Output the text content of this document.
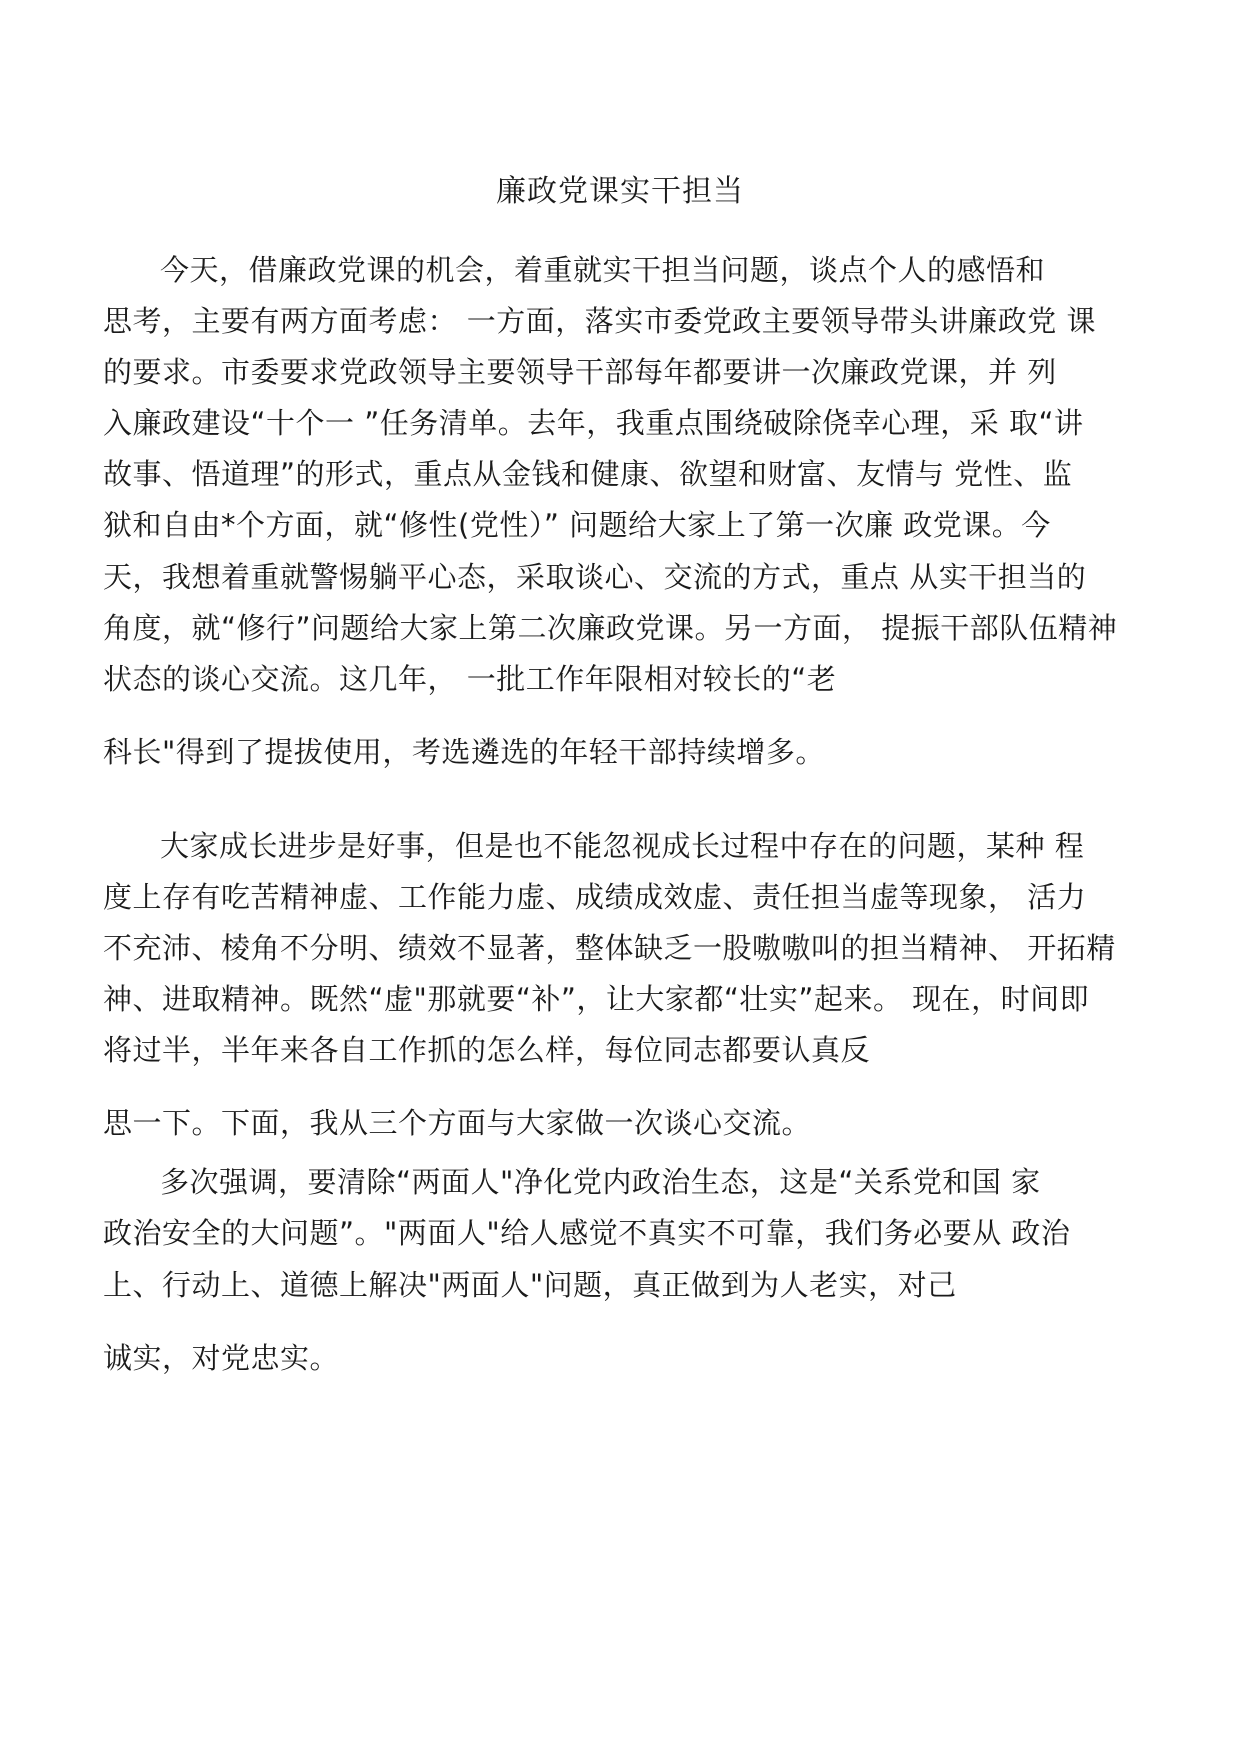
廉政党课实干担当
今天，借廉政党课的机会，着重就实干担当问题，谈点个人的感悟和
思考，主要有两方面考虑： 一方面，落实市委党政主要领导带头讲廉政党 课
的要求。市委要求党政领导主要领导干部每年都要讲一次廉政党课，并 列
入廉政建设“十个一 ”任务清单。去年，我重点围绕破除侥幸心理，采 取“讲
故事、悟道理”的形式，重点从金钱和健康、欲望和财富、友情与 党性、监
狱和自由*个方面，就“修性(党性）” 问题给大家上了第一次廉 政党课。今
天，我想着重就警惕躺平心态，采取谈心、交流的方式，重点 从实干担当的
角度，就“修行”问题给大家上第二次廉政党课。另一方面， 提振干部队伍精神
状态的谈心交流。这几年， 一批工作年限相对较长的“老
科长"得到了提拔使用，考选遴选的年轻干部持续增多。
大家成长进步是好事，但是也不能忽视成长过程中存在的问题，某种 程
度上存有吃苦精神虚、工作能力虚、成绩成效虚、责任担当虚等现象， 活力
不充沛、棱角不分明、绩效不显著，整体缺乏一股嗷嗷叫的担当精神、 开拓精
神、进取精神。既然“虚"那就要“补”，让大家都“壮实”起来。 现在，时间即
将过半，半年来各自工作抓的怎么样，每位同志都要认真反
思一下。下面，我从三个方面与大家做一次谈心交流。
多次强调，要清除“两面人"净化党内政治生态，这是“关系党和国 家
政治安全的大问题”。"两面人"给人感觉不真实不可靠，我们务必要从 政治
上、行动上、道德上解决"两面人"问题，真正做到为人老实，对己
诚实，对党忠实。
